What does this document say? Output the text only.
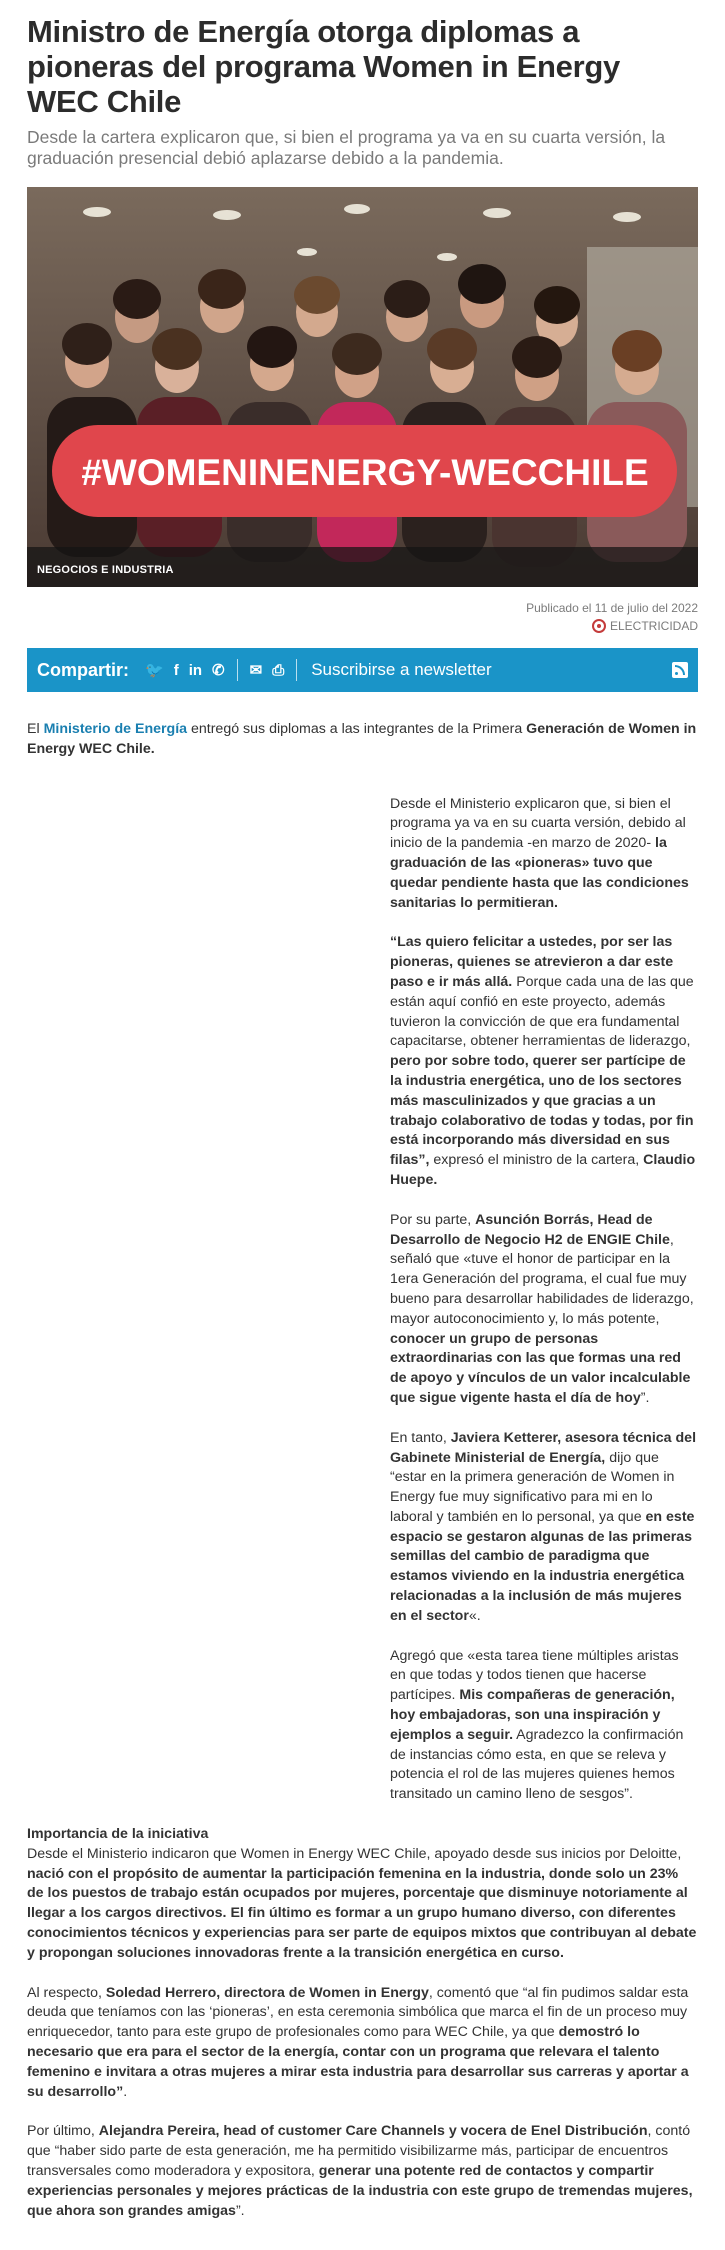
Ministro de Energía otorga diplomas a pioneras del programa Women in Energy WEC Chile

Desde la cartera explicaron que, si bien el programa ya va en su cuarta versión, la graduación presencial debió aplazarse debido a la pandemia.

#WOMENINENERGY-WECCHILE
NEGOCIOS E INDUSTRIA
Publicado el 11 de julio del 2022
ELECTRICIDAD
Compartir: 🐦 f in ✆ ✉ ⎙ Suscribirse a newsletter

El Ministerio de Energía entregó sus diplomas a las integrantes de la Primera Generación de Women in Energy WEC Chile.

Desde el Ministerio explicaron que, si bien el programa ya va en su cuarta versión, debido al inicio de la pandemia -en marzo de 2020- la graduación de las «pioneras» tuvo que quedar pendiente hasta que las condiciones sanitarias lo permitieran.

“Las quiero felicitar a ustedes, por ser las pioneras, quienes se atrevieron a dar este paso e ir más allá. Porque cada una de las que están aquí confió en este proyecto, además tuvieron la convicción de que era fundamental capacitarse, obtener herramientas de liderazgo, pero por sobre todo, querer ser partícipe de la industria energética, uno de los sectores más masculinizados y que gracias a un trabajo colaborativo de todas y todas, por fin está incorporando más diversidad en sus filas”, expresó el ministro de la cartera, Claudio Huepe.

Por su parte, Asunción Borrás, Head de Desarrollo de Negocio H2 de ENGIE Chile, señaló que «tuve el honor de participar en la 1era Generación del programa, el cual fue muy bueno para desarrollar habilidades de liderazgo, mayor autoconocimiento y, lo más potente, conocer un grupo de personas extraordinarias con las que formas una red de apoyo y vínculos de un valor incalculable que sigue vigente hasta el día de hoy”.

En tanto, Javiera Ketterer, asesora técnica del Gabinete Ministerial de Energía, dijo que “estar en la primera generación de Women in Energy fue muy significativo para mi en lo laboral y también en lo personal, ya que en este espacio se gestaron algunas de las primeras semillas del cambio de paradigma que estamos viviendo en la industria energética relacionadas a la inclusión de más mujeres en el sector«.

Agregó que «esta tarea tiene múltiples aristas en que todas y todos tienen que hacerse partícipes. Mis compañeras de generación, hoy embajadoras, son una inspiración y ejemplos a seguir. Agradezco la confirmación de instancias cómo esta, en que se releva y potencia el rol de las mujeres quienes hemos transitado un camino lleno de sesgos”.

Importancia de la iniciativa

Desde el Ministerio indicaron que Women in Energy WEC Chile, apoyado desde sus inicios por Deloitte, nació con el propósito de aumentar la participación femenina en la industria, donde solo un 23% de los puestos de trabajo están ocupados por mujeres, porcentaje que disminuye notoriamente al llegar a los cargos directivos. El fin último es formar a un grupo humano diverso, con diferentes conocimientos técnicos y experiencias para ser parte de equipos mixtos que contribuyan al debate y propongan soluciones innovadoras frente a la transición energética en curso.

Al respecto, Soledad Herrero, directora de Women in Energy, comentó que “al fin pudimos saldar esta deuda que teníamos con las ‘pioneras’, en esta ceremonia simbólica que marca el fin de un proceso muy enriquecedor, tanto para este grupo de profesionales como para WEC Chile, ya que demostró lo necesario que era para el sector de la energía, contar con un programa que relevara el talento femenino e invitara a otras mujeres a mirar esta industria para desarrollar sus carreras y aportar a su desarrollo”.

Por último, Alejandra Pereira, head of customer Care Channels y vocera de Enel Distribución, contó que “haber sido parte de esta generación, me ha permitido visibilizarme más, participar de encuentros transversales como moderadora y expositora, generar una potente red de contactos y compartir experiencias personales y mejores prácticas de la industria con este grupo de tremendas mujeres, que ahora son grandes amigas”.
